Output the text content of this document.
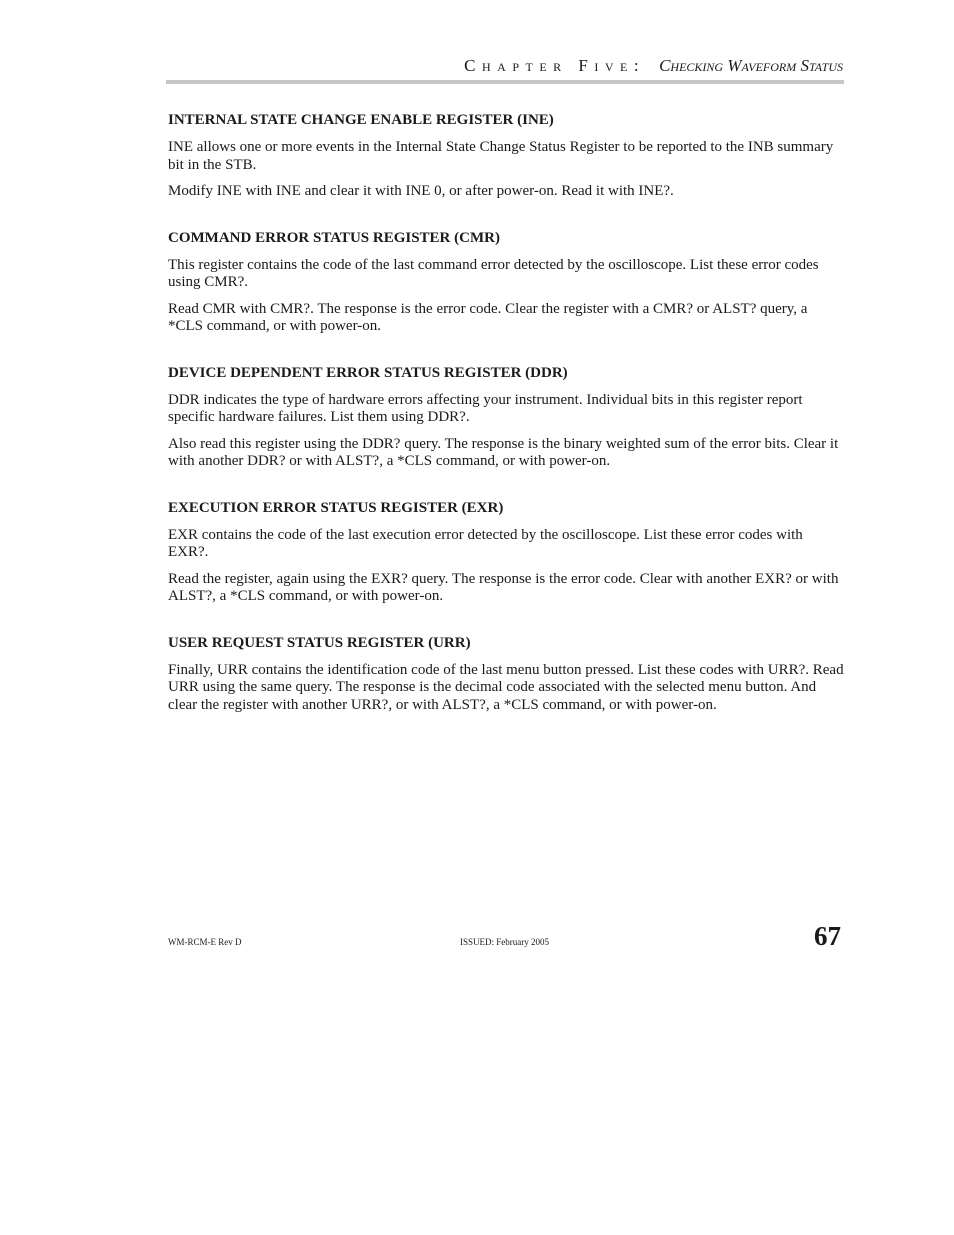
Chapter Five: Checking Waveform Status
INTERNAL STATE CHANGE ENABLE REGISTER (INE)

INE allows one or more events in the Internal State Change Status Register to be reported to the INB summary bit in the STB.

Modify INE with INE and clear it with INE 0, or after power-on. Read it with INE?.

COMMAND ERROR STATUS REGISTER (CMR)

This register contains the code of the last command error detected by the oscilloscope. List these error codes using CMR?.

Read CMR with CMR?. The response is the error code. Clear the register with a CMR? or ALST? query, a *CLS command, or with power-on.

DEVICE DEPENDENT ERROR STATUS REGISTER (DDR)

DDR indicates the type of hardware errors affecting your instrument. Individual bits in this register report specific hardware failures. List them using DDR?.

Also read this register using the DDR? query. The response is the binary weighted sum of the error bits. Clear it with another DDR? or with ALST?, a *CLS command, or with power-on.

EXECUTION ERROR STATUS REGISTER (EXR)

EXR contains the code of the last execution error detected by the oscilloscope. List these error codes with EXR?.

Read the register, again using the EXR? query. The response is the error code. Clear with another EXR? or with ALST?, a *CLS command, or with power-on.

USER REQUEST STATUS REGISTER (URR)

Finally, URR contains the identification code of the last menu button pressed. List these codes with URR?. Read URR using the same query. The response is the decimal code associated with the selected menu button. And clear the register with another URR?, or with ALST?, a *CLS command, or with power-on.

WM-RCM-E Rev D	ISSUED: February 2005	67
